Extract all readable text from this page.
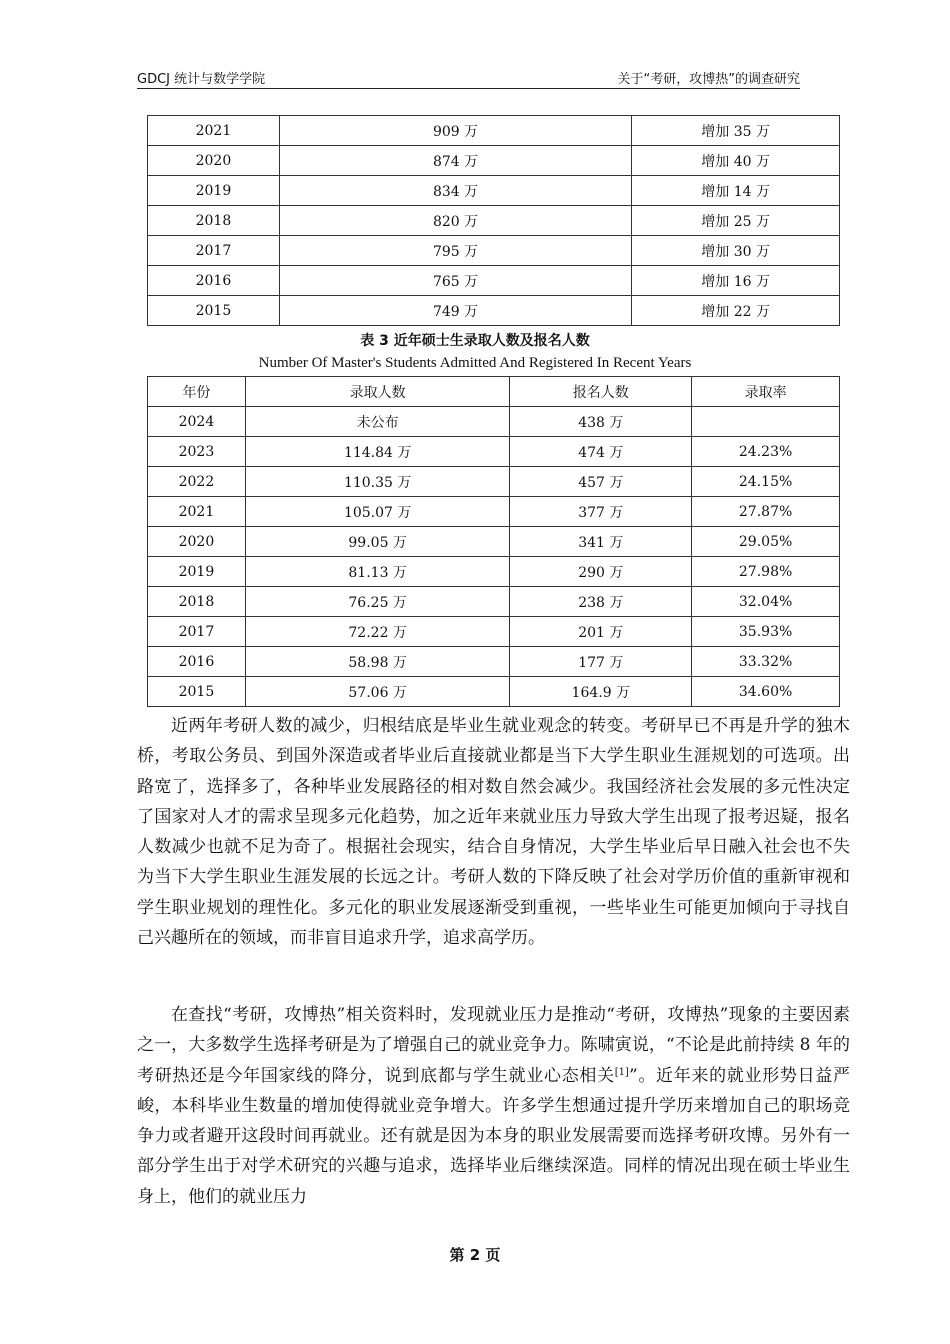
GDCJ 统计与数学学院	关于“考研，攻博热”的调查研究
2021	909 万	增加 35 万
2020	874 万	增加 40 万
2019	834 万	增加 14 万
2018	820 万	增加 25 万
2017	795 万	增加 30 万
2016	765 万	增加 16 万
2015	749 万	增加 22 万
表 3 近年硕士生录取人数及报名人数
Number Of Master's Students Admitted And Registered In Recent Years
年份	录取人数	报名人数	录取率
2024	未公布	438 万	
2023	114.84 万	474 万	24.23%
2022	110.35 万	457 万	24.15%
2021	105.07 万	377 万	27.87%
2020	99.05 万	341 万	29.05%
2019	81.13 万	290 万	27.98%
2018	76.25 万	238 万	32.04%
2017	72.22 万	201 万	35.93%
2016	58.98 万	177 万	33.32%
2015	57.06 万	164.9 万	34.60%

近两年考研人数的减少，归根结底是毕业生就业观念的转变。考研早已不再是升学的独木桥，考取公务员、到国外深造或者毕业后直接就业都是当下大学生职业生涯规划的可选项。出路宽了，选择多了，各种毕业发展路径的相对数自然会减少。我国经济社会发展的多元性决定了国家对人才的需求呈现多元化趋势，加之近年来就业压力导致大学生出现了报考迟疑，报名人数减少也就不足为奇了。根据社会现实，结合自身情况，大学生毕业后早日融入社会也不失为当下大学生职业生涯发展的长远之计。考研人数的下降反映了社会对学历价值的重新审视和学生职业规划的理性化。多元化的职业发展逐渐受到重视，一些毕业生可能更加倾向于寻找自己兴趣所在的领域，而非盲目追求升学，追求高学历。

在查找“考研，攻博热”相关资料时，发现就业压力是推动“考研，攻博热”现象的主要因素之一，大多数学生选择考研是为了增强自己的就业竞争力。陈啸寅说，“不论是此前持续 8 年的考研热还是今年国家线的降分，说到底都与学生就业心态相关[1]”。近年来的就业形势日益严峻，本科毕业生数量的增加使得就业竞争增大。许多学生想通过提升学历来增加自己的职场竞争力或者避开这段时间再就业。还有就是因为本身的职业发展需要而选择考研攻博。另外有一部分学生出于对学术研究的兴趣与追求，选择毕业后继续深造。同样的情况出现在硕士毕业生身上，他们的就业压力

第 2 页
